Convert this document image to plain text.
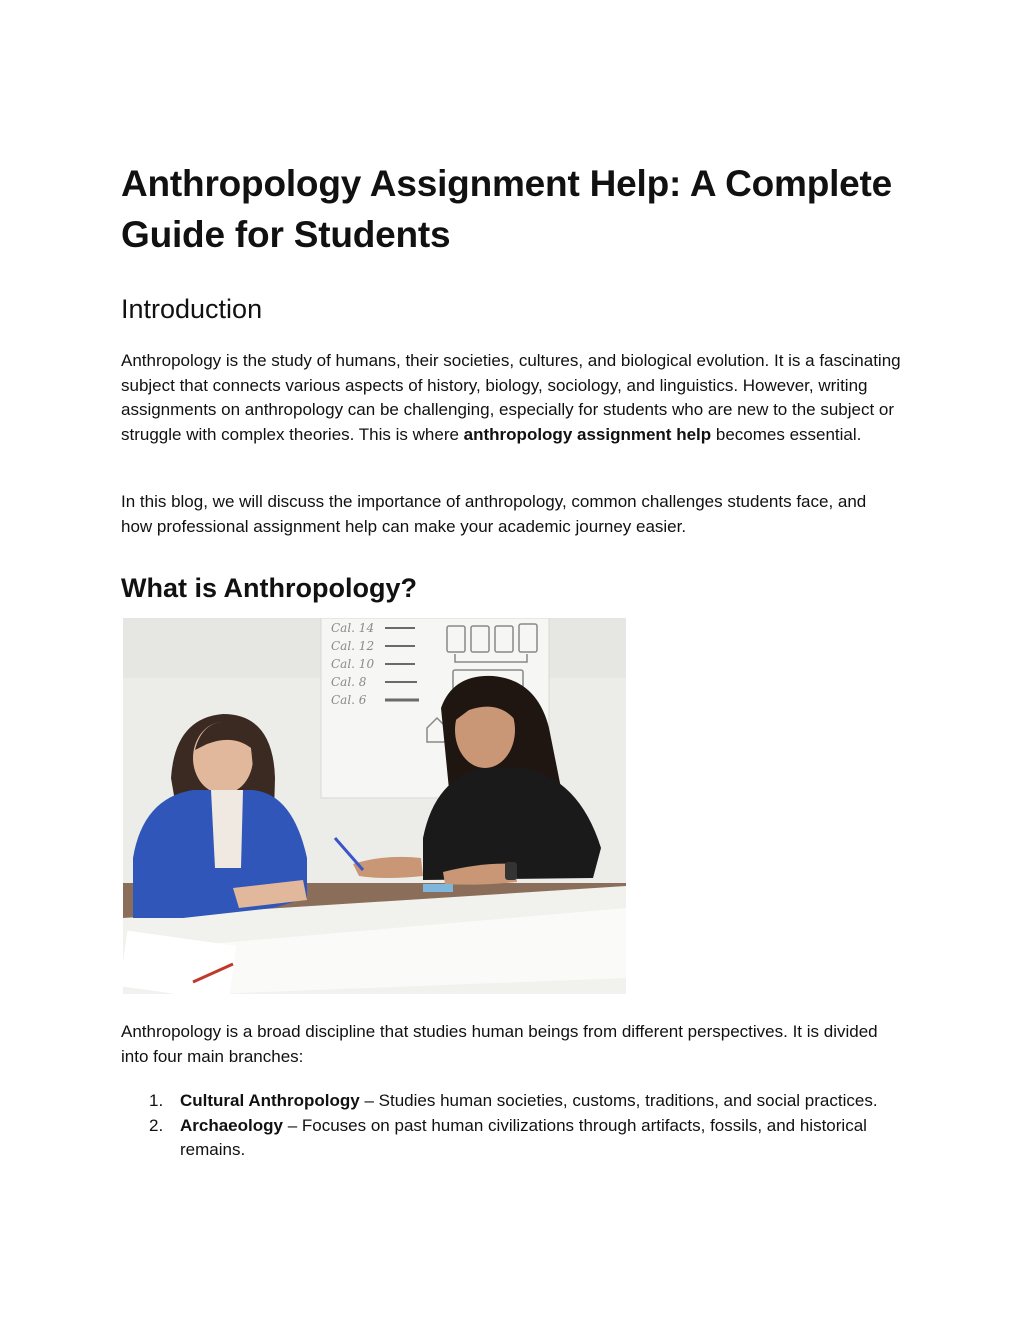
Anthropology Assignment Help: A Complete Guide for Students
Introduction

Anthropology is the study of humans, their societies, cultures, and biological evolution. It is a fascinating subject that connects various aspects of history, biology, sociology, and linguistics. However, writing assignments on anthropology can be challenging, especially for students who are new to the subject or struggle with complex theories. This is where anthropology assignment help becomes essential.

In this blog, we will discuss the importance of anthropology, common challenges students face, and how professional assignment help can make your academic journey easier.

What is Anthropology?
Cal. 14
Cal. 12
Cal. 10
Cal. 8
Cal. 6

Anthropology is a broad discipline that studies human beings from different perspectives. It is divided into four main branches:

1. Cultural Anthropology – Studies human societies, customs, traditions, and social practices.
2. Archaeology – Focuses on past human civilizations through artifacts, fossils, and historical remains.
